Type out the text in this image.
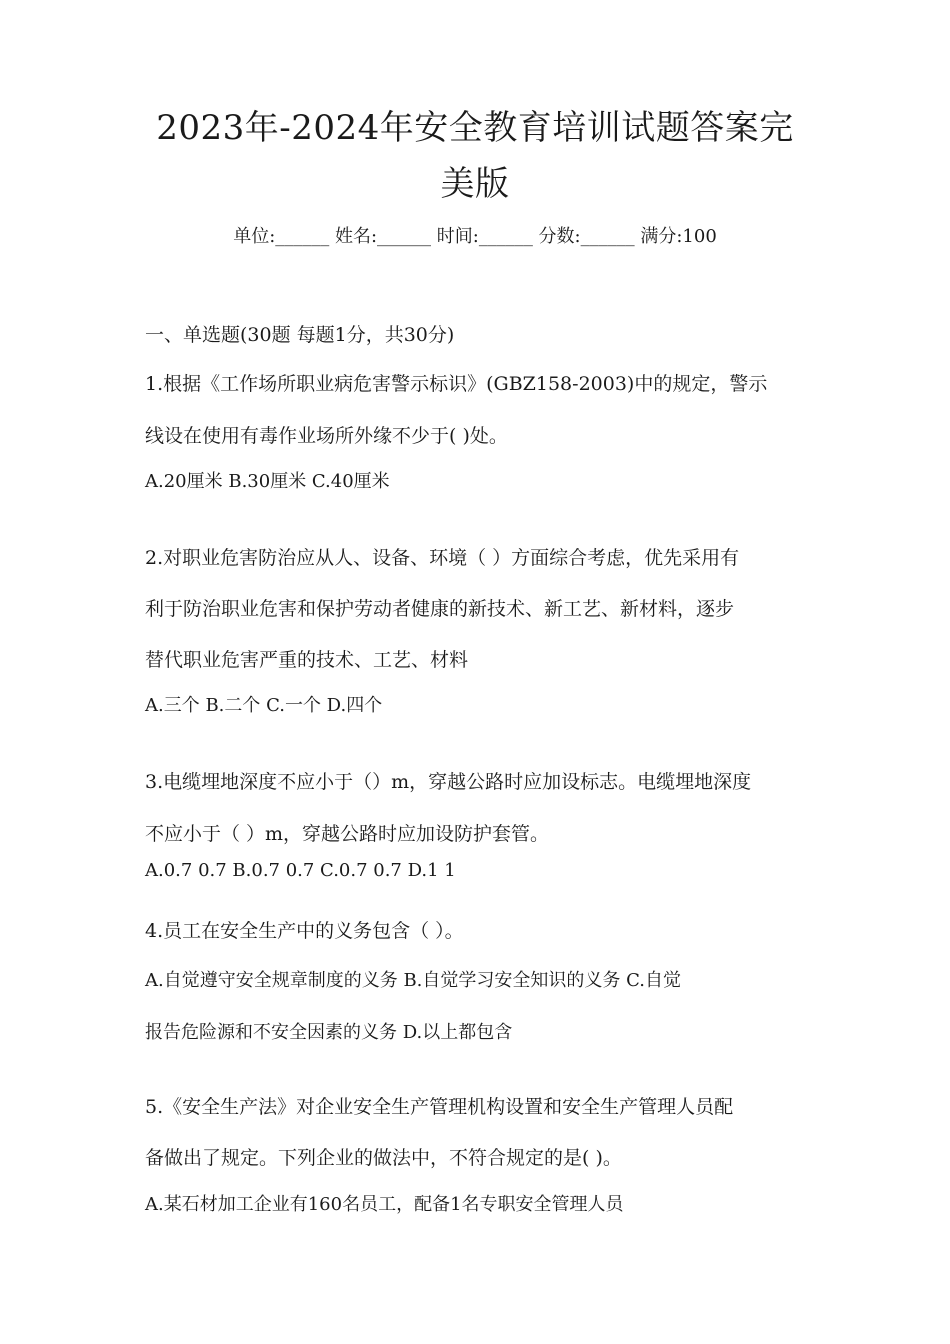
2023年-2024年安全教育培训试题答案完
美版
单位:______ 姓名:______ 时间:______ 分数:______ 满分:100
一、单选题(30题 每题1分，共30分)
1.根据《工作场所职业病危害警示标识》(GBZ158-2003)中的规定，警示
线设在使用有毒作业场所外缘不少于( )处。
A.20厘米 B.30厘米 C.40厘米
2.对职业危害防治应从人、设备、环境（ ）方面综合考虑，优先采用有
利于防治职业危害和保护劳动者健康的新技术、新工艺、新材料，逐步
替代职业危害严重的技术、工艺、材料
A.三个 B.二个 C.一个 D.四个
3.电缆埋地深度不应小于（）m，穿越公路时应加设标志。电缆埋地深度
不应小于（ ）m，穿越公路时应加设防护套管。
A.0.7 0.7 B.0.7 0.7 C.0.7 0.7 D.1 1
4.员工在安全生产中的义务包含（ ）。
A.自觉遵守安全规章制度的义务 B.自觉学习安全知识的义务 C.自觉
报告危险源和不安全因素的义务 D.以上都包含
5.《安全生产法》对企业安全生产管理机构设置和安全生产管理人员配
备做出了规定。下列企业的做法中，不符合规定的是( )。
A.某石材加工企业有160名员工，配备1名专职安全管理人员
